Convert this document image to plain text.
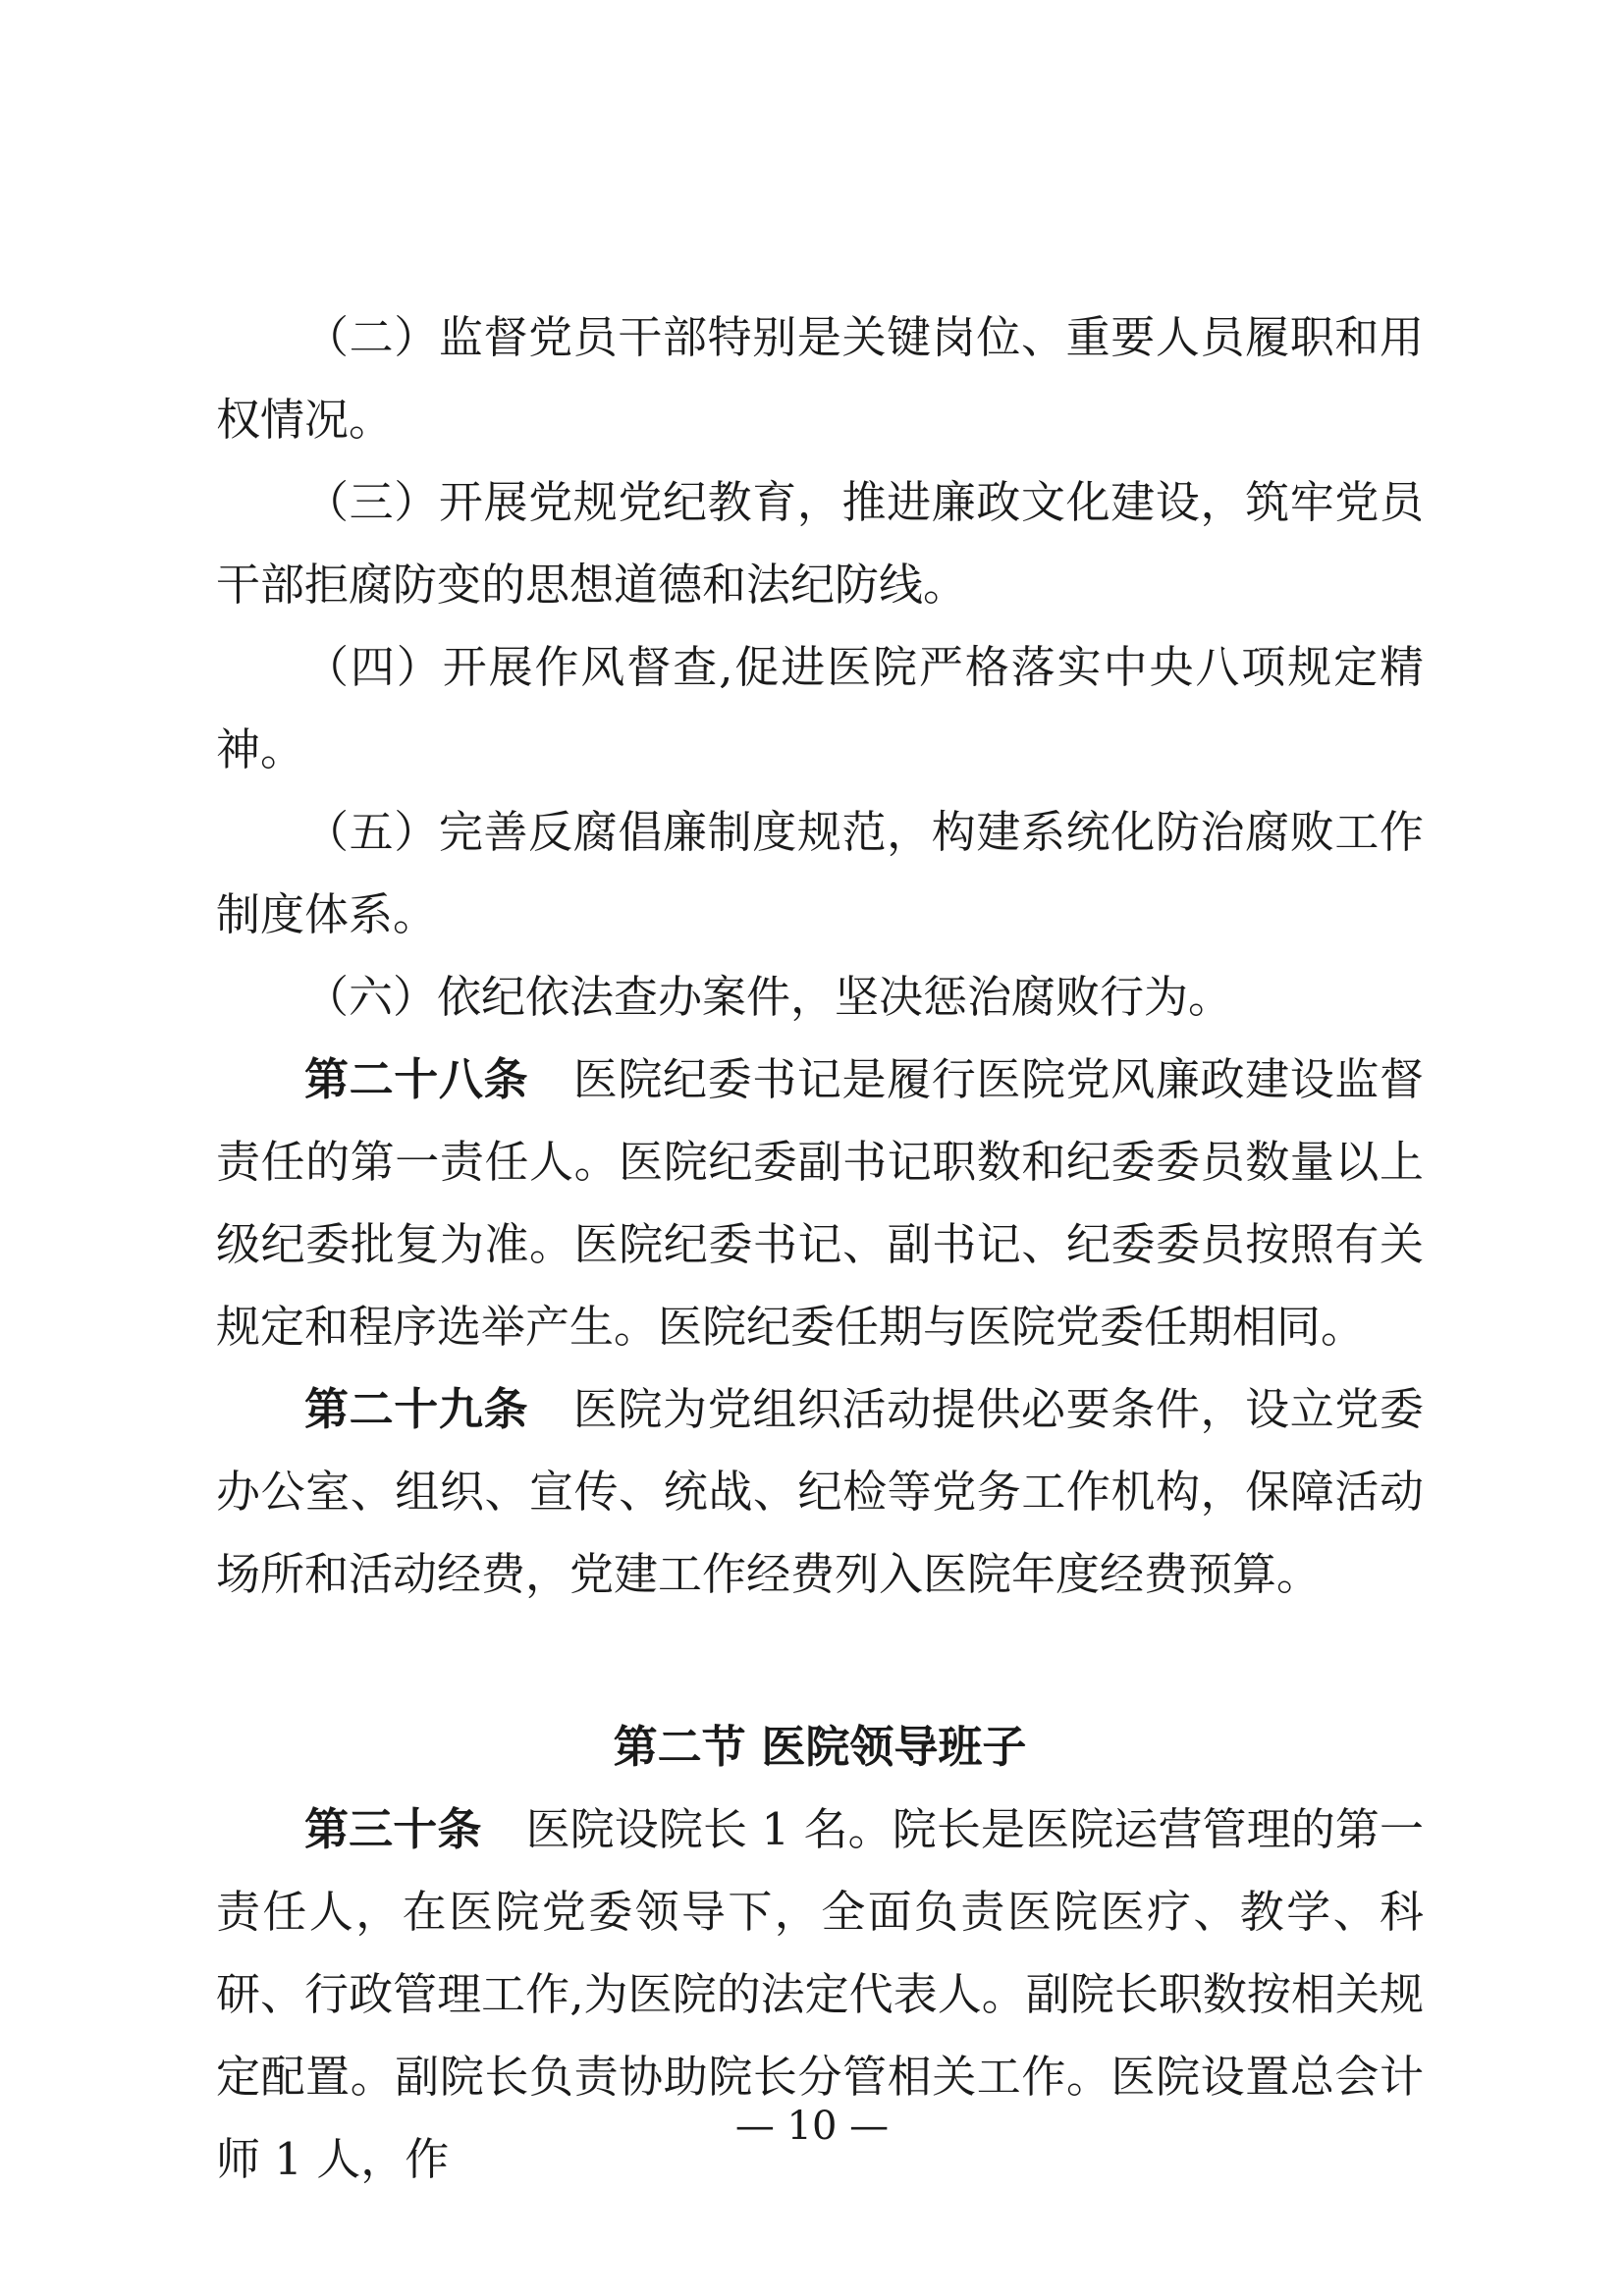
（二）监督党员干部特别是关键岗位、重要人员履职和用权情况。

（三）开展党规党纪教育，推进廉政文化建设，筑牢党员干部拒腐防变的思想道德和法纪防线。

（四）开展作风督查,促进医院严格落实中央八项规定精神。

（五）完善反腐倡廉制度规范，构建系统化防治腐败工作制度体系。

（六）依纪依法查办案件，坚决惩治腐败行为。

第二十八条  医院纪委书记是履行医院党风廉政建设监督责任的第一责任人。医院纪委副书记职数和纪委委员数量以上级纪委批复为准。医院纪委书记、副书记、纪委委员按照有关规定和程序选举产生。医院纪委任期与医院党委任期相同。

第二十九条  医院为党组织活动提供必要条件，设立党委办公室、组织、宣传、统战、纪检等党务工作机构，保障活动场所和活动经费，党建工作经费列入医院年度经费预算。

第二节 医院领导班子

第三十条  医院设院长 1 名。院长是医院运营管理的第一责任人，在医院党委领导下，全面负责医院医疗、教学、科研、行政管理工作,为医院的法定代表人。副院长职数按相关规定配置。副院长负责协助院长分管相关工作。医院设置总会计师 1 人，作

— 10 —
